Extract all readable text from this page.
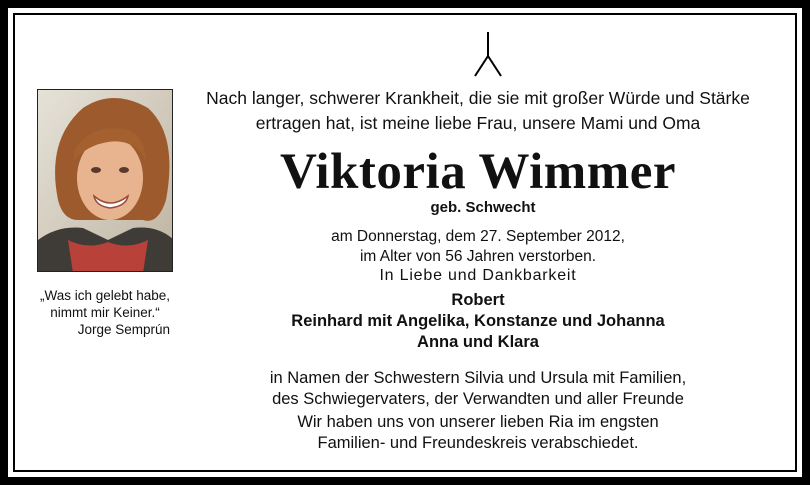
„Was ich gelebt habe,
nimmt mir Keiner.“
Jorge Semprún
Nach langer, schwerer Krankheit, die sie mit großer Würde und Stärke
ertragen hat, ist meine liebe Frau, unsere Mami und Oma
Viktoria Wimmer
geb. Schwecht
am Donnerstag, dem 27. September 2012,
im Alter von 56 Jahren verstorben.
In Liebe und Dankbarkeit
Robert
Reinhard mit Angelika, Konstanze und Johanna
Anna und Klara
in Namen der Schwestern Silvia und Ursula mit Familien,
des Schwiegervaters, der Verwandten und aller Freunde
Wir haben uns von unserer lieben Ria im engsten
Familien- und Freundeskreis verabschiedet.
